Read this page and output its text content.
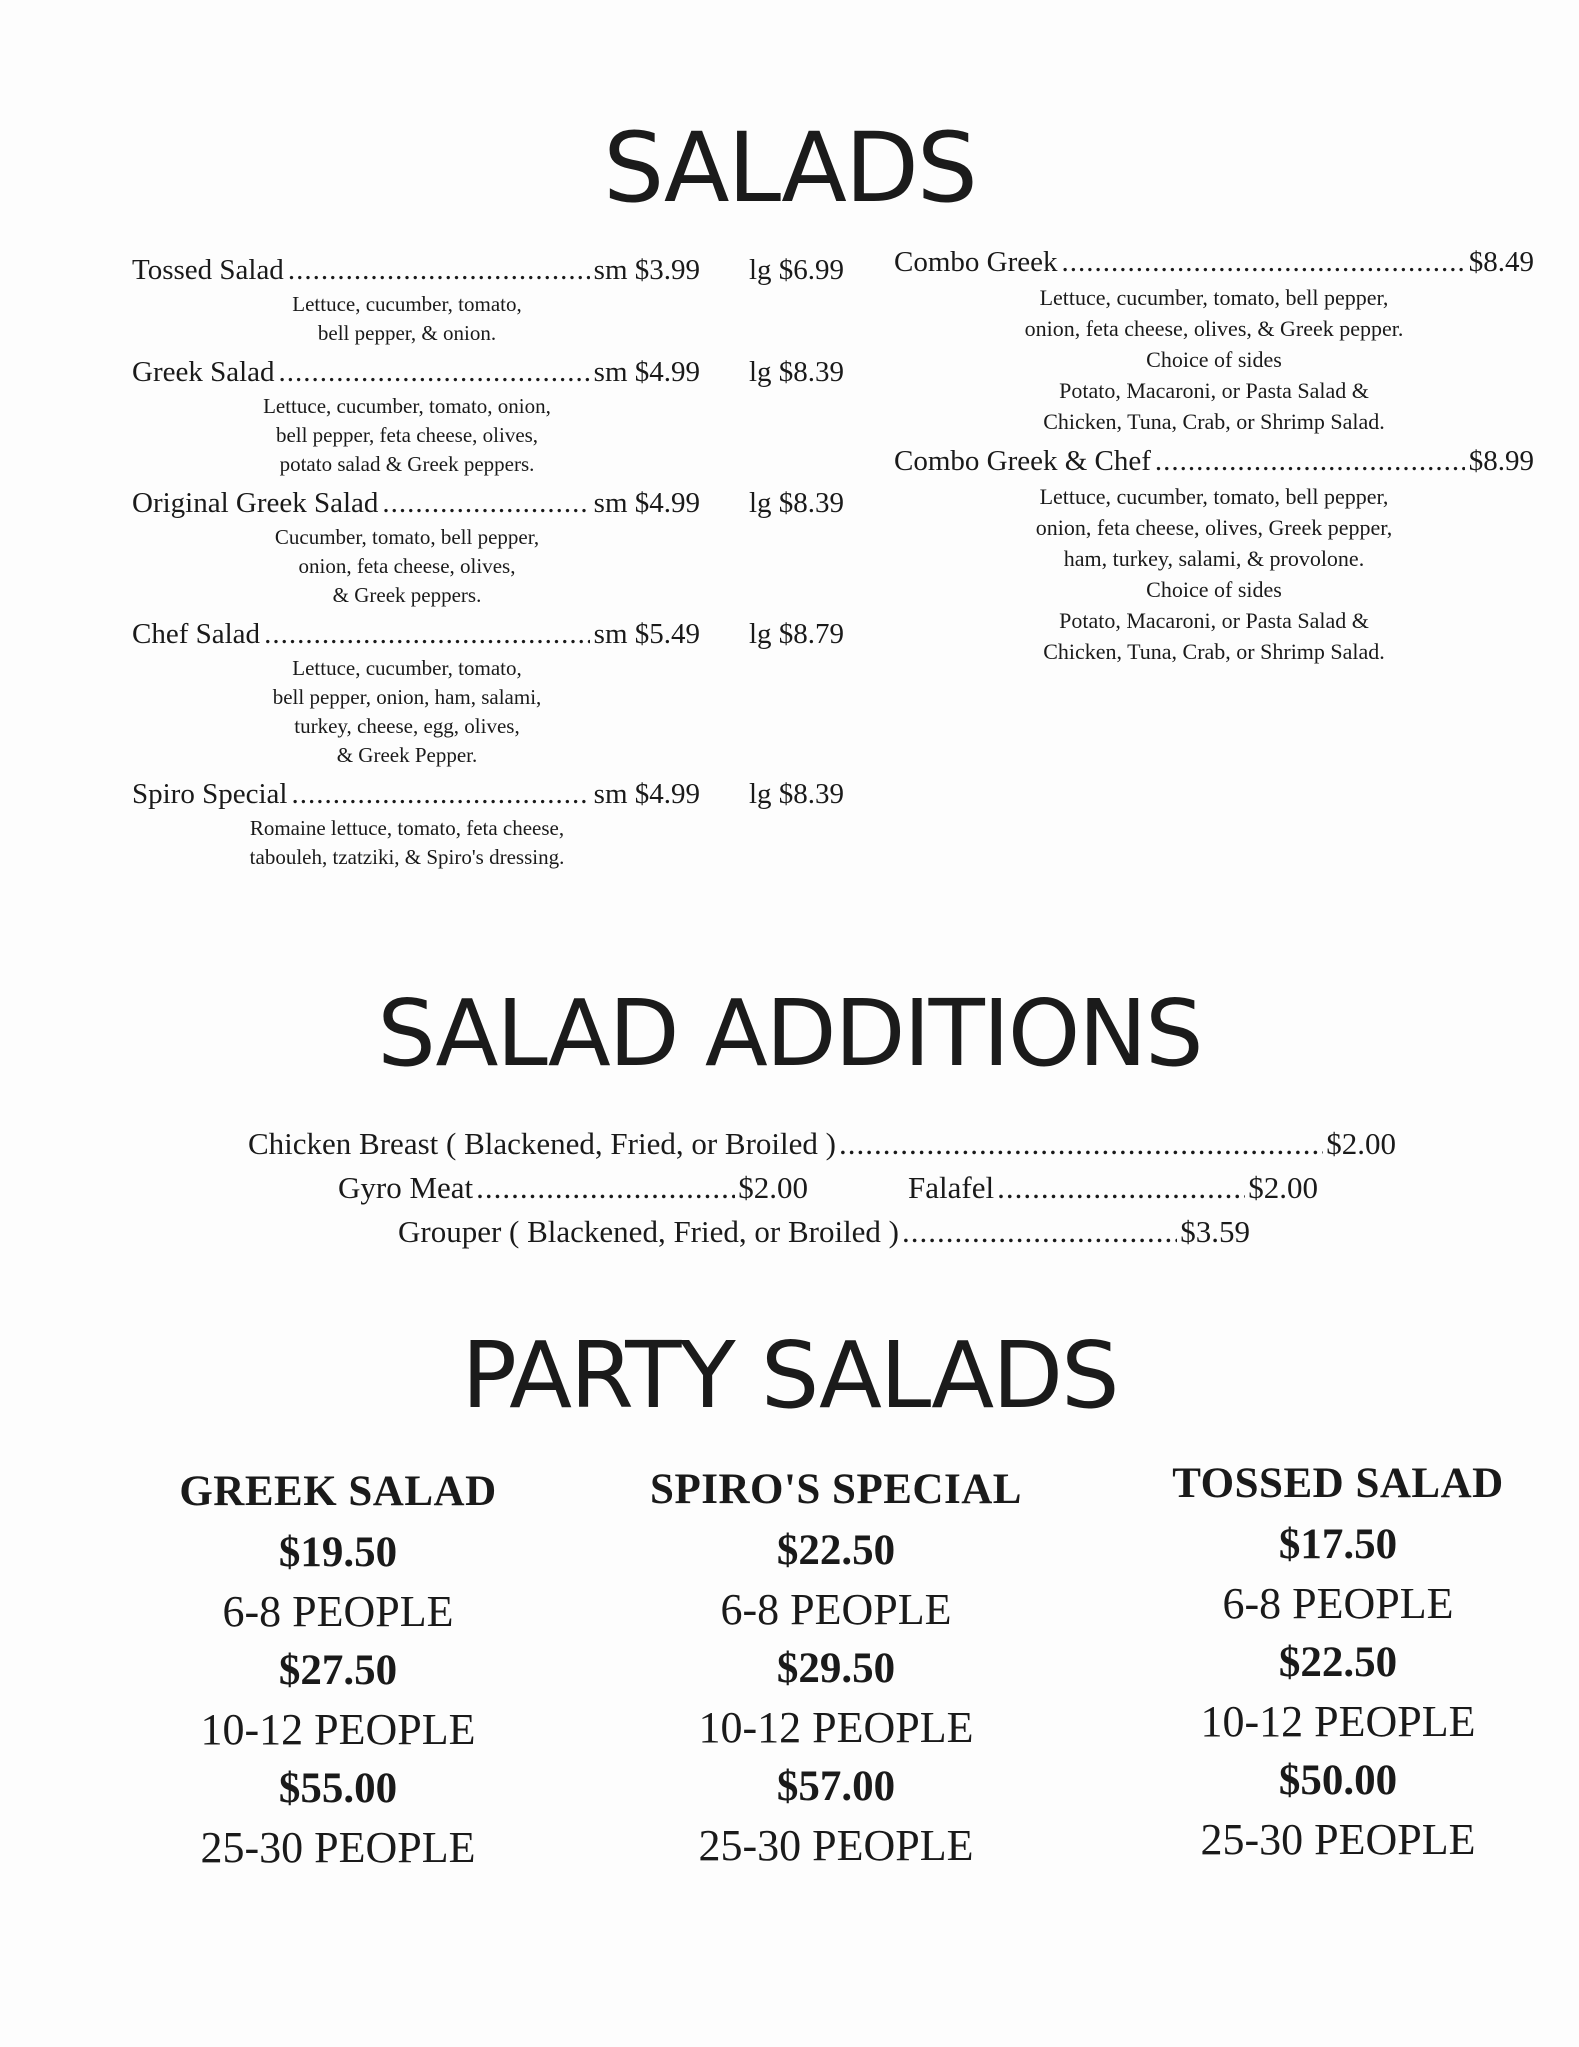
SALADS
Tossed Salad .....	sm $3.99	lg $6.99
Lettuce, cucumber, tomato,
bell pepper, & onion.
Greek Salad .....	sm $4.99	lg $8.39
Lettuce, cucumber, tomato, onion,
bell pepper, feta cheese, olives,
potato salad & Greek peppers.
Original Greek Salad .....	sm $4.99	lg $8.39
Cucumber, tomato, bell pepper,
onion, feta cheese, olives,
& Greek peppers.
Chef Salad .....	sm $5.49	lg $8.79
Lettuce, cucumber, tomato,
bell pepper, onion, ham, salami,
turkey, cheese, egg, olives,
& Greek Pepper.
Spiro Special .....	sm $4.99	lg $8.39
Romaine lettuce, tomato, feta cheese,
tabouleh, tzatziki, & Spiro's dressing.
Combo Greek .....	$8.49
Lettuce, cucumber, tomato, bell pepper,
onion, feta cheese, olives, & Greek pepper.
Choice of sides
Potato, Macaroni, or Pasta Salad &
Chicken, Tuna, Crab, or Shrimp Salad.
Combo Greek & Chef .....	$8.99
Lettuce, cucumber, tomato, bell pepper,
onion, feta cheese, olives, Greek pepper,
ham, turkey, salami, & provolone.
Choice of sides
Potato, Macaroni, or Pasta Salad &
Chicken, Tuna, Crab, or Shrimp Salad.
SALAD ADDITIONS
Chicken Breast ( Blackened, Fried, or Broiled ) .....	$2.00
Gyro Meat .....	$2.00	Falafel .....	$2.00
Grouper ( Blackened, Fried, or Broiled ) .....	$3.59
PARTY SALADS
GREEK SALAD
$19.50
6-8 PEOPLE
$27.50
10-12 PEOPLE
$55.00
25-30 PEOPLE
SPIRO'S SPECIAL
$22.50
6-8 PEOPLE
$29.50
10-12 PEOPLE
$57.00
25-30 PEOPLE
TOSSED SALAD
$17.50
6-8 PEOPLE
$22.50
10-12 PEOPLE
$50.00
25-30 PEOPLE
